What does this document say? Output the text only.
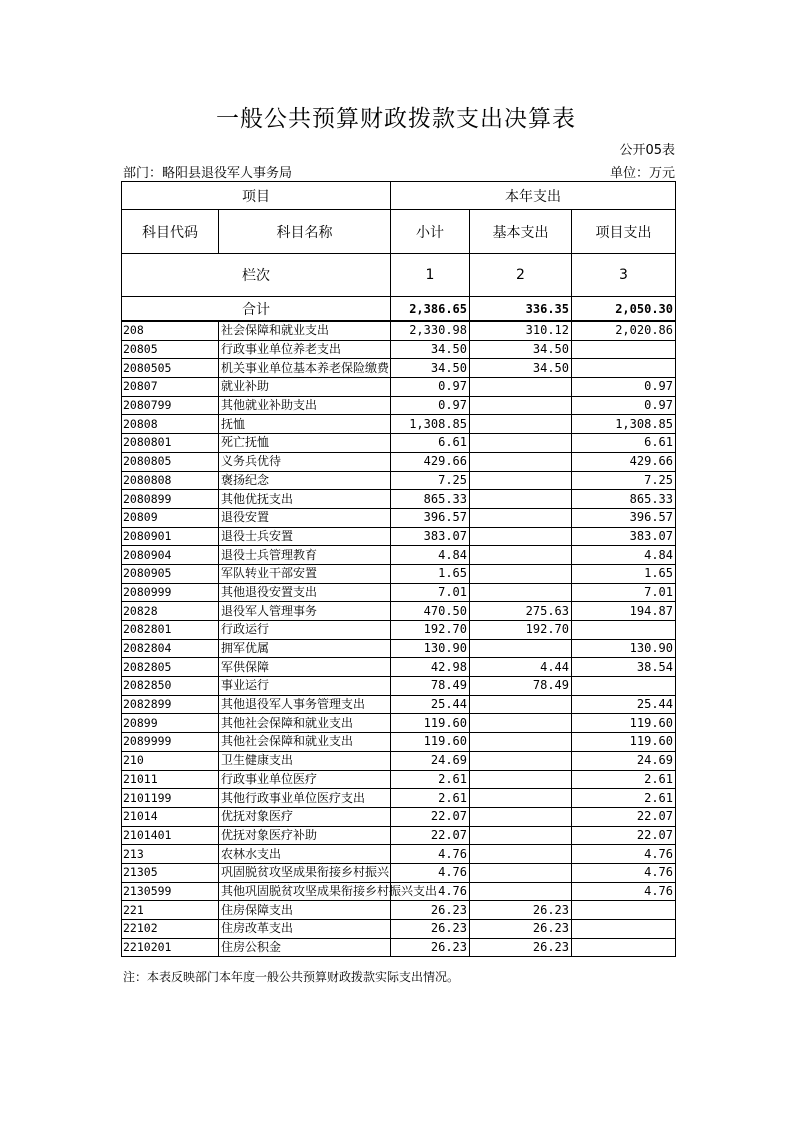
一般公共预算财政拨款支出决算表
公开05表
部门：略阳县退役军人事务局	单位：万元
项目		本年支出		
科目代码	科目名称	小计	基本支出	项目支出
栏次		1	2	3
合计		2,386.65	336.35	2,050.30
208	社会保障和就业支出	2,330.98	310.12	2,020.86
20805	行政事业单位养老支出	34.50	34.50	
2080505	机关事业单位基本养老保险缴费	34.50	34.50	
20807	就业补助	0.97		0.97
2080799	其他就业补助支出	0.97		0.97
20808	抚恤	1,308.85		1,308.85
2080801	死亡抚恤	6.61		6.61
2080805	义务兵优待	429.66		429.66
2080808	褒扬纪念	7.25		7.25
2080899	其他优抚支出	865.33		865.33
20809	退役安置	396.57		396.57
2080901	退役士兵安置	383.07		383.07
2080904	退役士兵管理教育	4.84		4.84
2080905	军队转业干部安置	1.65		1.65
2080999	其他退役安置支出	7.01		7.01
20828	退役军人管理事务	470.50	275.63	194.87
2082801	行政运行	192.70	192.70	
2082804	拥军优属	130.90		130.90
2082805	军供保障	42.98	4.44	38.54
2082850	事业运行	78.49	78.49	
2082899	其他退役军人事务管理支出	25.44		25.44
20899	其他社会保障和就业支出	119.60		119.60
2089999	其他社会保障和就业支出	119.60		119.60
210	卫生健康支出	24.69		24.69
21011	行政事业单位医疗	2.61		2.61
2101199	其他行政事业单位医疗支出	2.61		2.61
21014	优抚对象医疗	22.07		22.07
2101401	优抚对象医疗补助	22.07		22.07
213	农林水支出	4.76		4.76
21305	巩固脱贫攻坚成果衔接乡村振兴	4.76		4.76
2130599	其他巩固脱贫攻坚成果衔接乡村振兴支出	4.76		4.76
221	住房保障支出	26.23	26.23	
22102	住房改革支出	26.23	26.23	
2210201	住房公积金	26.23	26.23	
注：本表反映部门本年度一般公共预算财政拨款实际支出情况。
